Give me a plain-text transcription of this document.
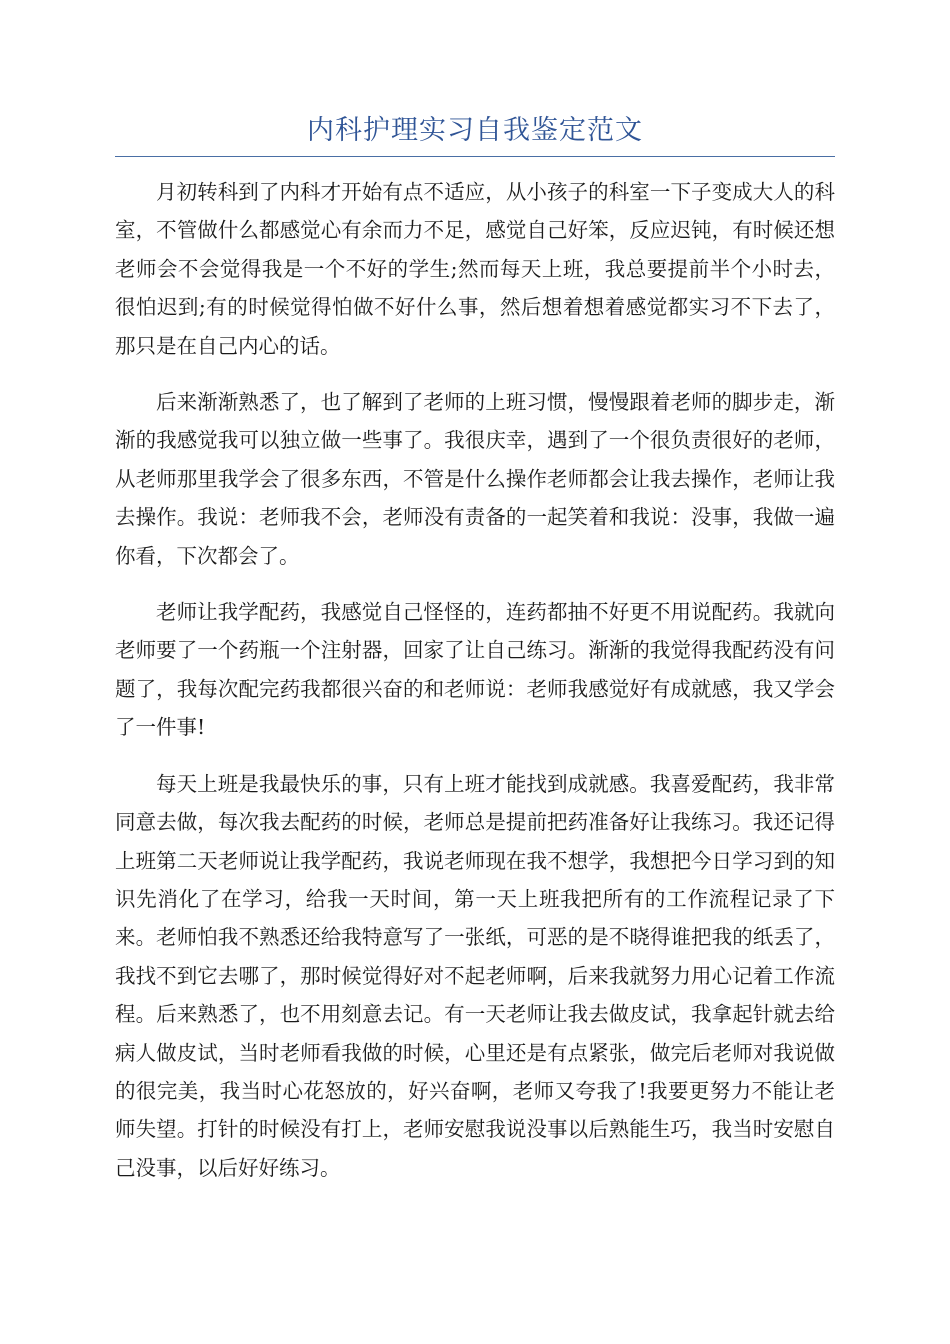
内科护理实习自我鉴定范文

月初转科到了内科才开始有点不适应，从小孩子的科室一下子变成大人的科室，不管做什么都感觉心有余而力不足，感觉自己好笨，反应迟钝，有时候还想老师会不会觉得我是一个不好的学生;然而每天上班，我总要提前半个小时去，很怕迟到;有的时候觉得怕做不好什么事，然后想着想着感觉都实习不下去了，那只是在自己内心的话。

后来渐渐熟悉了，也了解到了老师的上班习惯，慢慢跟着老师的脚步走，渐渐的我感觉我可以独立做一些事了。我很庆幸，遇到了一个很负责很好的老师，从老师那里我学会了很多东西，不管是什么操作老师都会让我去操作，老师让我去操作。我说：老师我不会，老师没有责备的一起笑着和我说：没事，我做一遍你看，下次都会了。

老师让我学配药，我感觉自己怪怪的，连药都抽不好更不用说配药。我就向老师要了一个药瓶一个注射器，回家了让自己练习。渐渐的我觉得我配药没有问题了，我每次配完药我都很兴奋的和老师说：老师我感觉好有成就感，我又学会了一件事!

每天上班是我最快乐的事，只有上班才能找到成就感。我喜爱配药，我非常同意去做，每次我去配药的时候，老师总是提前把药准备好让我练习。我还记得上班第二天老师说让我学配药，我说老师现在我不想学，我想把今日学习到的知识先消化了在学习，给我一天时间，第一天上班我把所有的工作流程记录了下来。老师怕我不熟悉还给我特意写了一张纸，可恶的是不晓得谁把我的纸丢了，我找不到它去哪了，那时候觉得好对不起老师啊，后来我就努力用心记着工作流程。后来熟悉了，也不用刻意去记。有一天老师让我去做皮试，我拿起针就去给病人做皮试，当时老师看我做的时候，心里还是有点紧张，做完后老师对我说做的很完美，我当时心花怒放的，好兴奋啊，老师又夸我了!我要更努力不能让老师失望。打针的时候没有打上，老师安慰我说没事以后熟能生巧，我当时安慰自己没事，以后好好练习。
